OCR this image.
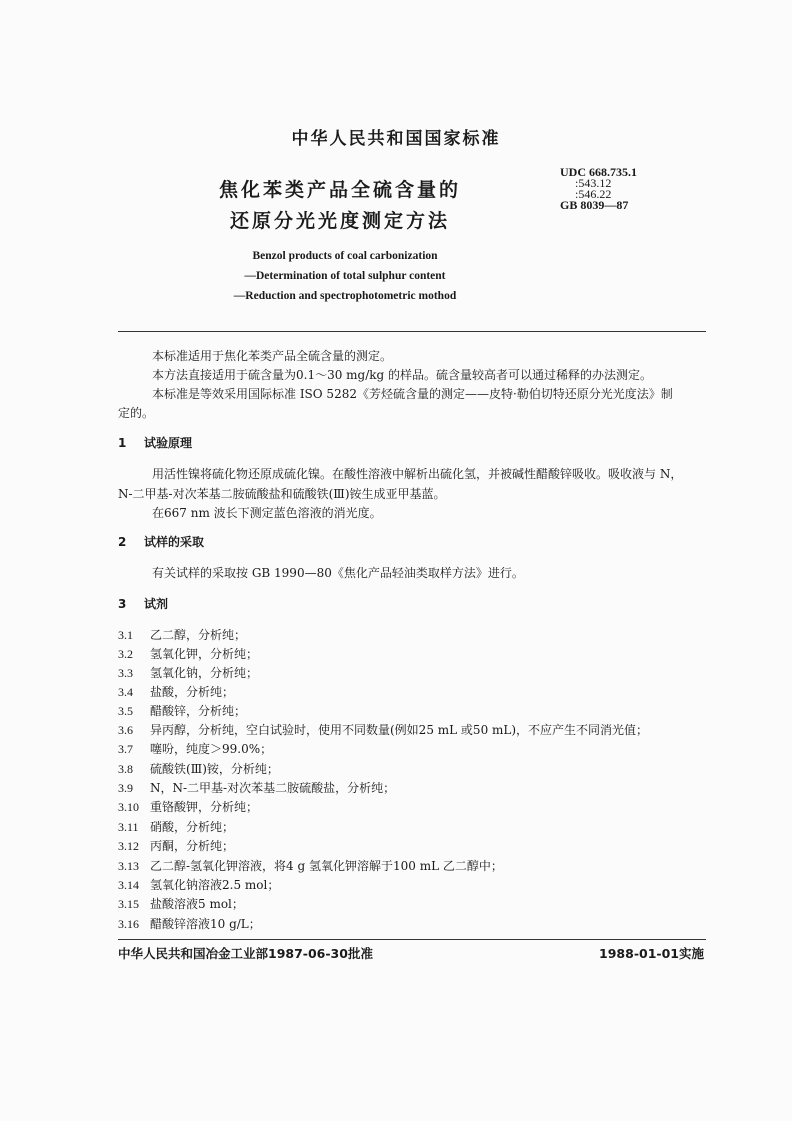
中华人民共和国国家标准
焦化苯类产品全硫含量的
还原分光光度测定方法
UDC 668.735.1
:543.12
:546.22
GB 8039—87
Benzol products of coal carbonization
—Determination of total sulphur content
—Reduction and spectrophotometric mothod
本标准适用于焦化苯类产品全硫含量的测定。
本方法直接适用于硫含量为0.1～30 mg/kg 的样品。硫含量较高者可以通过稀释的办法测定。
本标准是等效采用国际标准 ISO 5282《芳烃硫含量的测定——皮特·勒伯切特还原分光光度法》制
定的。
1 试验原理
用活性镍将硫化物还原成硫化镍。在酸性溶液中解析出硫化氢，并被碱性醋酸锌吸收。吸收液与 N，
N-二甲基-对次苯基二胺硫酸盐和硫酸铁(Ⅲ)铵生成亚甲基蓝。
在667 nm 波长下测定蓝色溶液的消光度。
2 试样的采取
有关试样的采取按 GB 1990—80《焦化产品轻油类取样方法》进行。
3 试剂
3.1 乙二醇，分析纯；
3.2 氢氧化钾，分析纯；
3.3 氢氧化钠，分析纯；
3.4 盐酸，分析纯；
3.5 醋酸锌，分析纯；
3.6 异丙醇，分析纯，空白试验时，使用不同数量(例如25 mL 或50 mL)，不应产生不同消光值；
3.7 噻吩，纯度＞99.0%；
3.8 硫酸铁(Ⅲ)铵，分析纯；
3.9 N，N-二甲基-对次苯基二胺硫酸盐，分析纯；
3.10 重铬酸钾，分析纯；
3.11 硝酸，分析纯；
3.12 丙酮，分析纯；
3.13 乙二醇-氢氧化钾溶液，将4 g 氢氧化钾溶解于100 mL 乙二醇中；
3.14 氢氧化钠溶液2.5 mol；
3.15 盐酸溶液5 mol；
3.16 醋酸锌溶液10 g/L；
中华人民共和国冶金工业部1987-06-30批准	1988-01-01实施
